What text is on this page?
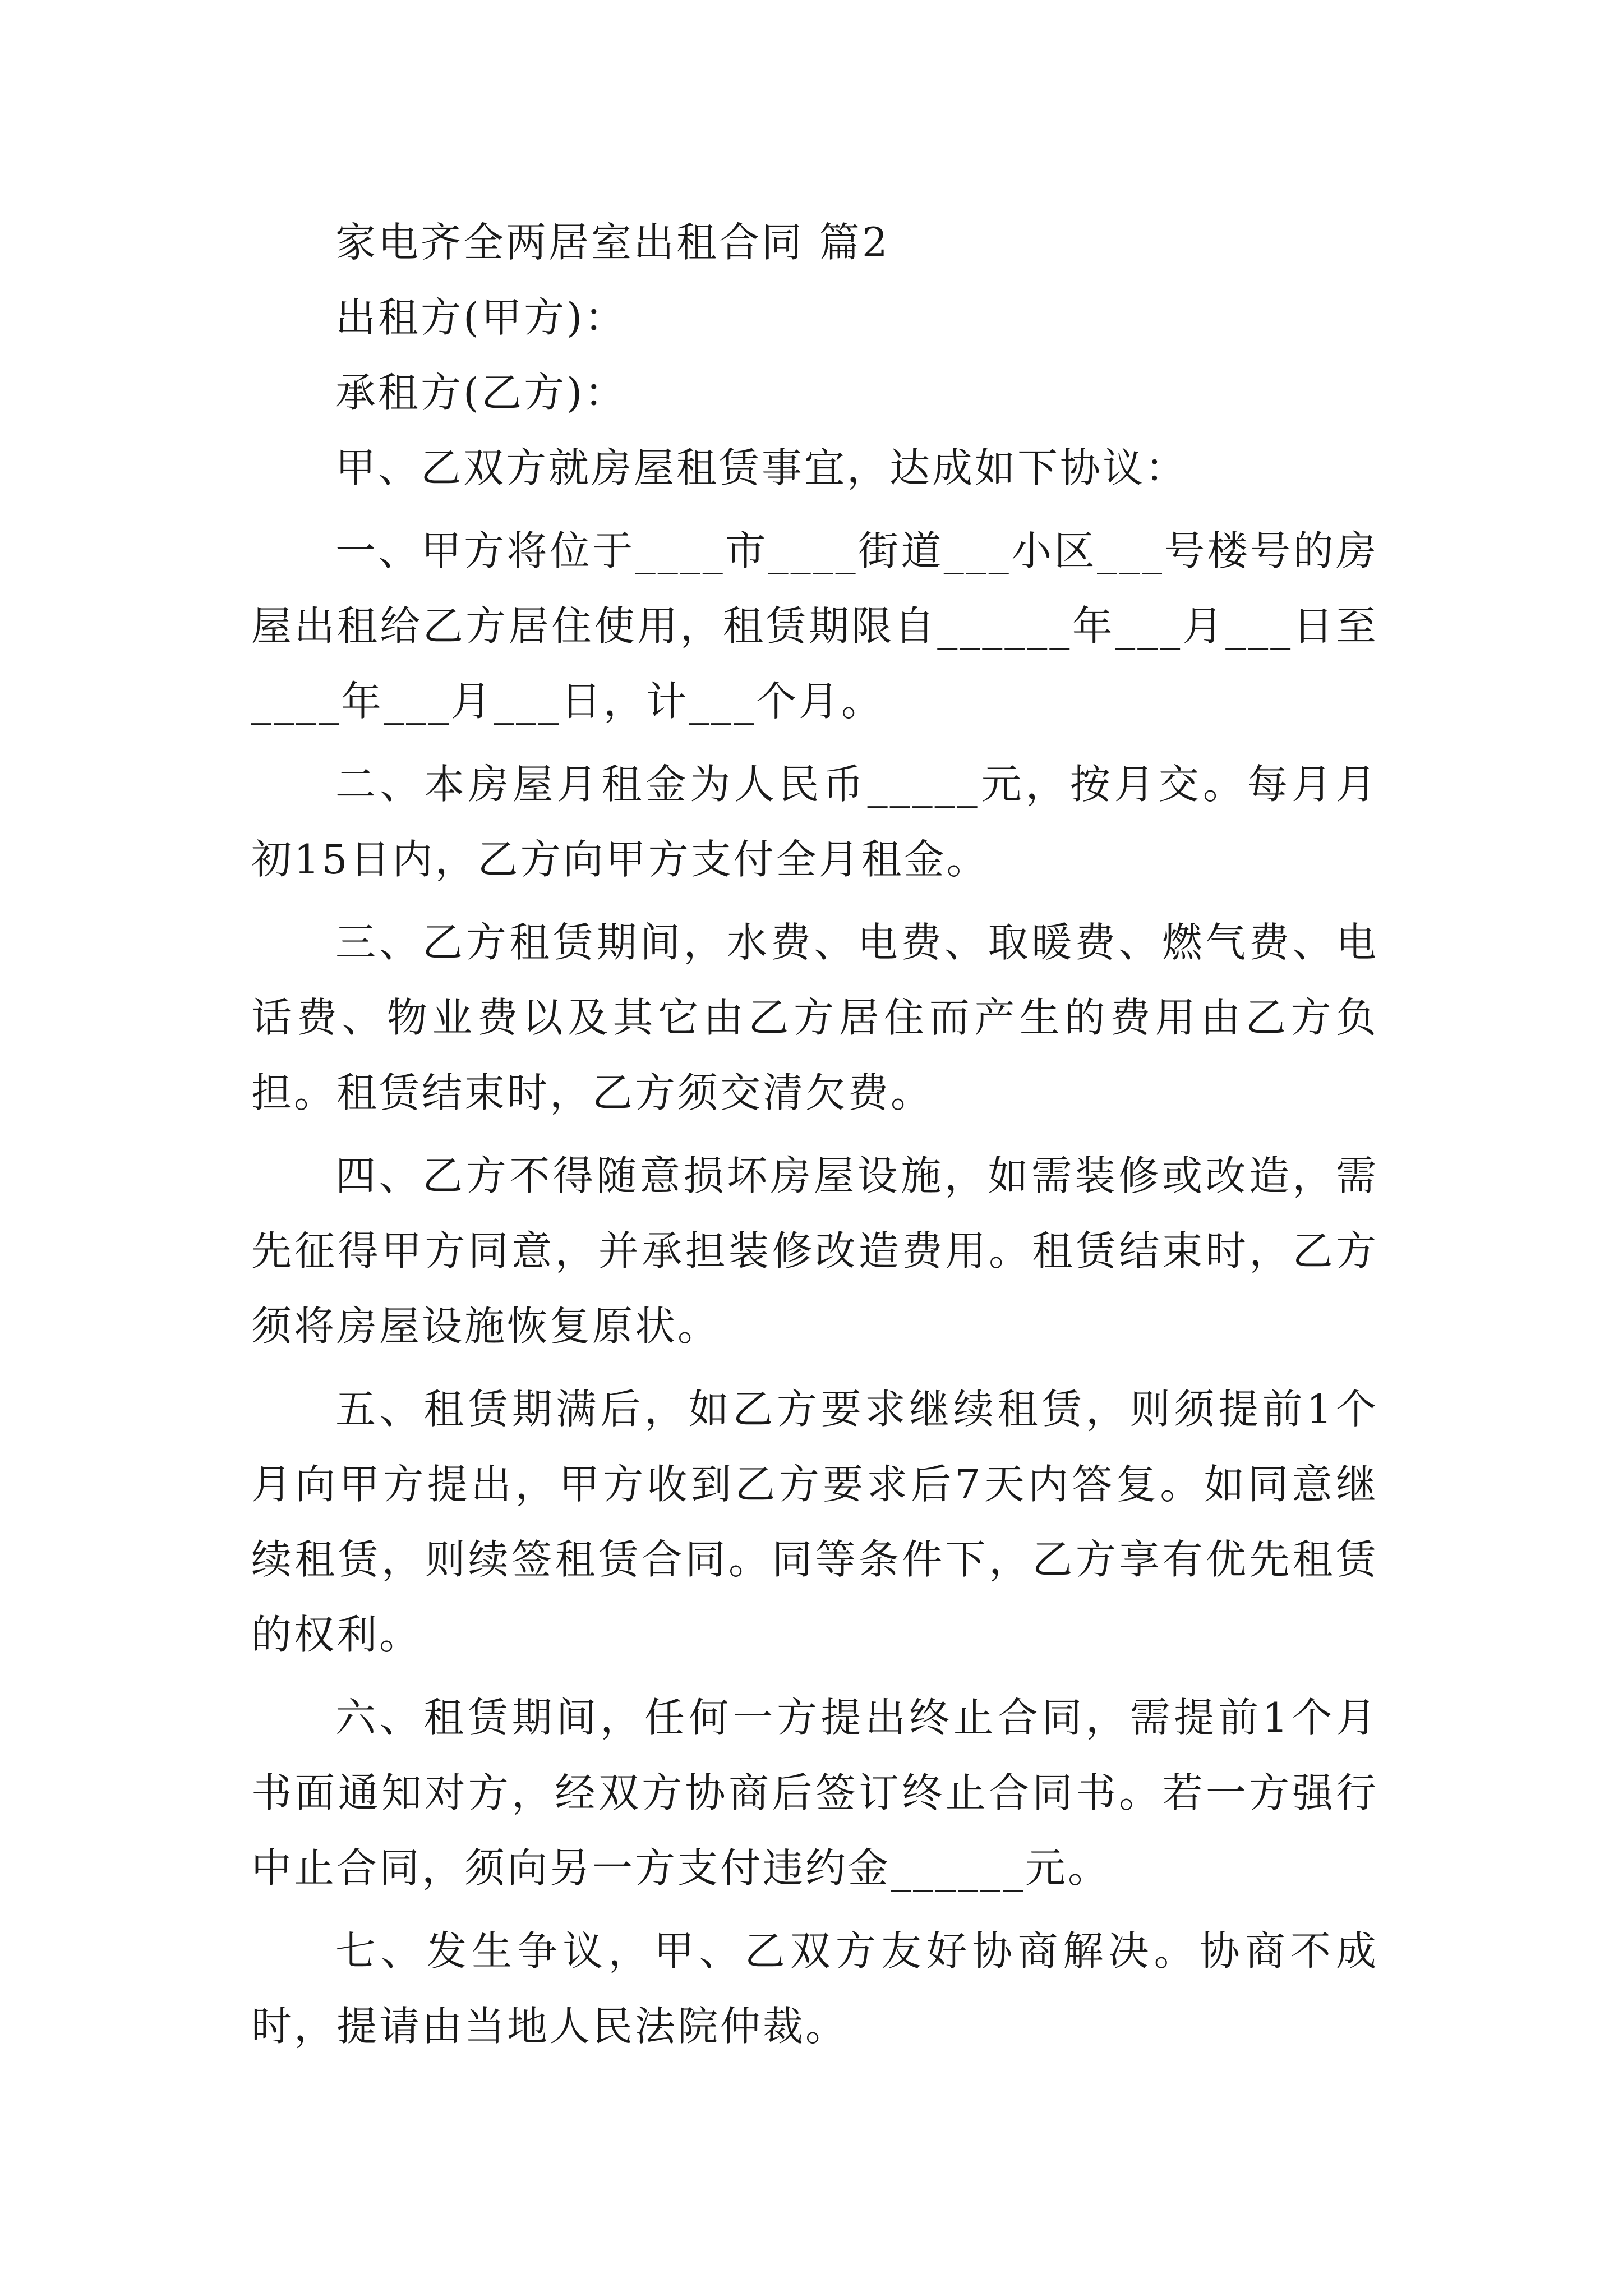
家电齐全两居室出租合同 篇2

出租方(甲方)：

承租方(乙方)：

甲、乙双方就房屋租赁事宜，达成如下协议：

一、甲方将位于____市____街道___小区___号楼号的房屋出租给乙方居住使用，租赁期限自______年___月___日至____年___月___日，计___个月。

二、本房屋月租金为人民币_____元，按月交。每月月初15日内，乙方向甲方支付全月租金。

三、乙方租赁期间，水费、电费、取暖费、燃气费、电话费、物业费以及其它由乙方居住而产生的费用由乙方负担。租赁结束时，乙方须交清欠费。

四、乙方不得随意损坏房屋设施，如需装修或改造，需先征得甲方同意，并承担装修改造费用。租赁结束时，乙方须将房屋设施恢复原状。

五、租赁期满后，如乙方要求继续租赁，则须提前1个月向甲方提出，甲方收到乙方要求后7天内答复。如同意继续租赁，则续签租赁合同。同等条件下，乙方享有优先租赁的权利。

六、租赁期间，任何一方提出终止合同，需提前1个月书面通知对方，经双方协商后签订终止合同书。若一方强行中止合同，须向另一方支付违约金______元。

七、发生争议，甲、乙双方友好协商解决。协商不成时，提请由当地人民法院仲裁。
